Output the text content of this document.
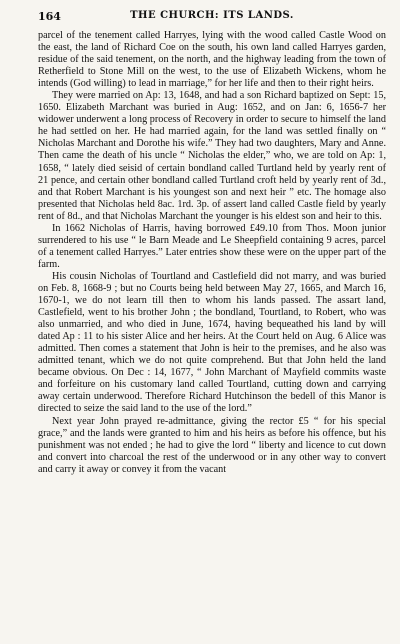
164	THE CHURCH: ITS LANDS.

parcel of the tenement called Harryes, lying with the wood called Castle Wood on the east, the land of Richard Coe on the south, his own land called Harryes garden, residue of the said tenement, on the north, and the highway leading from the town of Retherfield to Stone Mill on the west, to the use of Elizabeth Wickens, whom he intends (God willing) to lead in marriage,” for her life and then to their right heirs.

They were married on Ap: 13, 1648, and had a son Richard baptized on Sept: 15, 1650. Elizabeth Marchant was buried in Aug: 1652, and on Jan: 6, 1656-7 her widower underwent a long process of Recovery in order to secure to himself the land he had settled on her. He had married again, for the land was settled finally on “ Nicholas Marchant and Dorothe his wife.” They had two daughters, Mary and Anne. Then came the death of his uncle “ Nicholas the elder,” who, we are told on Ap: 1, 1658, “ lately died seisid of certain bondland called Turtland held by yearly rent of 21 pence, and certain other bondland called Turtland croft held by yearly rent of 3d., and that Robert Marchant is his youngest son and next heir ” etc. The homage also presented that Nicholas held 8ac. 1rd. 3p. of assert land called Castle field by yearly rent of 8d., and that Nicholas Marchant the younger is his eldest son and heir to this.

In 1662 Nicholas of Harris, having borrowed £49.10 from Thos. Moon junior surrendered to his use “ le Barn Meade and Le Sheepfield containing 9 acres, parcel of a tenement called Harryes.” Later entries show these were on the upper part of the farm.

His cousin Nicholas of Tourtland and Castlefield did not marry, and was buried on Feb. 8, 1668-9 ; but no Courts being held between May 27, 1665, and March 16, 1670-1, we do not learn till then to whom his lands passed. The assart land, Castlefield, went to his brother John ; the bondland, Tourtland, to Robert, who was also unmarried, and who died in June, 1674, having bequeathed his land by will dated Ap : 11 to his sister Alice and her heirs. At the Court held on Aug. 6 Alice was admitted. Then comes a statement that John is heir to the premises, and he also was admitted tenant, which we do not quite comprehend. But that John held the land became obvious. On Dec : 14, 1677, “ John Marchant of Mayfield commits waste and forfeiture on his customary land called Tourtland, cutting down and carrying away certain underwood. Therefore Richard Hutchinson the bedell of this Manor is directed to seize the said land to the use of the lord.”

Next year John prayed re-admittance, giving the rector £5 “ for his special grace,” and the lands were granted to him and his heirs as before his offence, but his punishment was not ended ; he had to give the lord “ liberty and licence to cut down and convert into charcoal the rest of the underwood or in any other way to convert and carry it away or convey it from the vacant
